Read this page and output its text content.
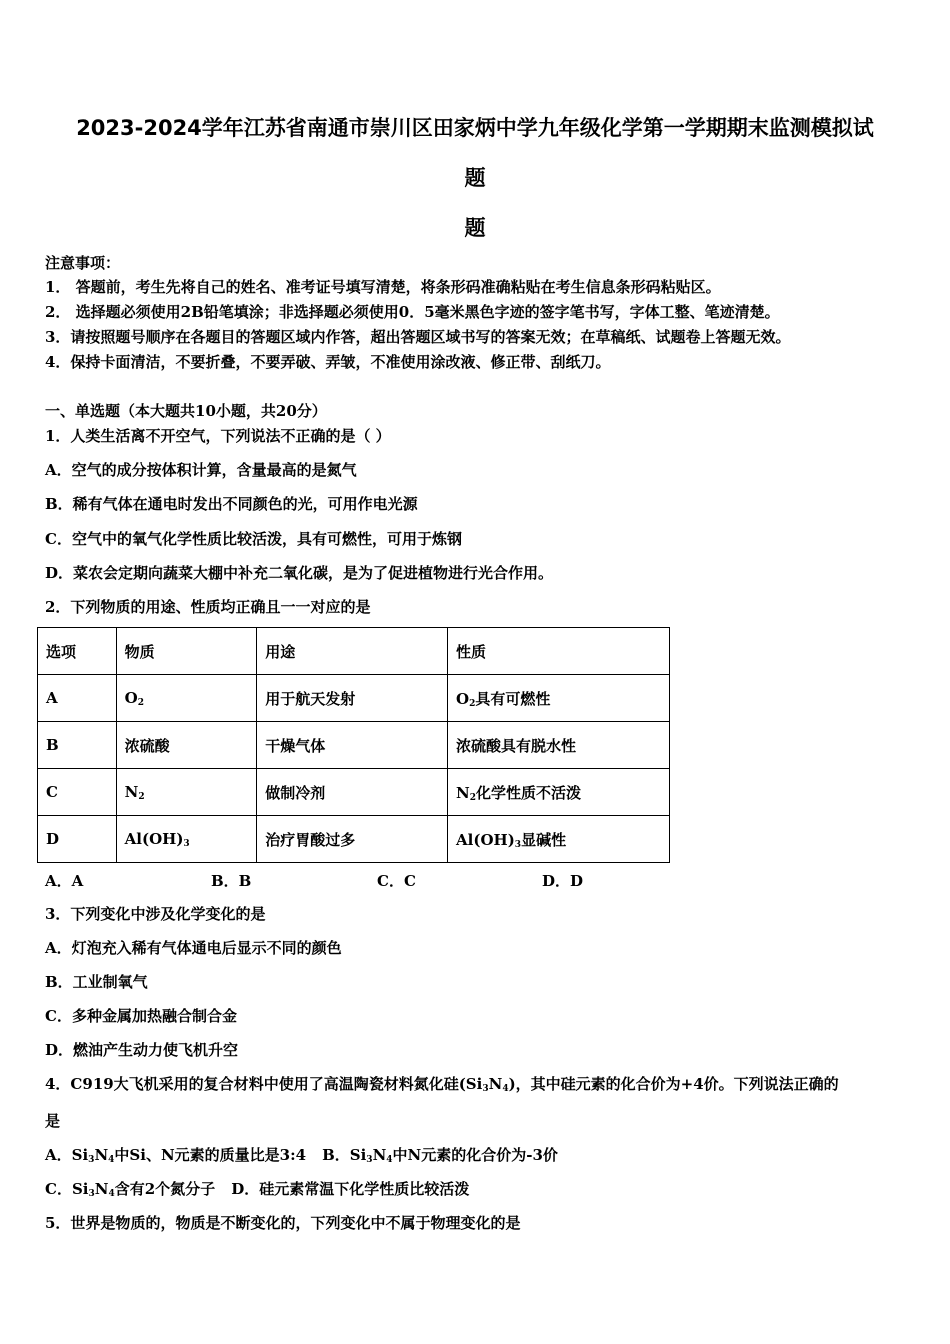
2023-2024学年江苏省南通市崇川区田家炳中学九年级化学第一学期期末监测模拟试
题
题
注意事项：
1． 答题前，考生先将自己的姓名、准考证号填写清楚，将条形码准确粘贴在考生信息条形码粘贴区。
2． 选择题必须使用2B铅笔填涂；非选择题必须使用0．5毫米黑色字迹的签字笔书写，字体工整、笔迹清楚。
3．请按照题号顺序在各题目的答题区域内作答，超出答题区域书写的答案无效；在草稿纸、试题卷上答题无效。
4．保持卡面清洁，不要折叠，不要弄破、弄皱，不准使用涂改液、修正带、刮纸刀。
一、单选题（本大题共10小题，共20分）
1．人类生活离不开空气，下列说法不正确的是（ ）
A．空气的成分按体积计算，含量最高的是氮气
B．稀有气体在通电时发出不同颜色的光，可用作电光源
C．空气中的氧气化学性质比较活泼，具有可燃性，可用于炼钢
D．菜农会定期向蔬菜大棚中补充二氧化碳，是为了促进植物进行光合作用。
2．下列物质的用途、性质均正确且一一对应的是
选项	物质	用途	性质
A	$O_2$	用于航天发射	$O_2$具有可燃性
B	浓硫酸	干燥气体	浓硫酸具有脱水性
C	$N_2$	做制冷剂	$N_2$化学性质不活泼
D	$Al(OH)_3$	治疗胃酸过多	$Al(OH)_3$显碱性
A．A	B．B	C．C	D．D
3．下列变化中涉及化学变化的是
A．灯泡充入稀有气体通电后显示不同的颜色
B．工业制氧气
C．多种金属加热融合制合金
D．燃油产生动力使飞机升空
4．C919大飞机采用的复合材料中使用了高温陶瓷材料氮化硅$(Si_3N_4)$，其中硅元素的化合价为+4价。下列说法正确的
是
A．$Si_3N_4$中Si、N元素的质量比是3:4 B．$Si_3N_4$中N元素的化合价为-3价
C．$Si_3N_4$含有2个氮分子 D．硅元素常温下化学性质比较活泼
5．世界是物质的，物质是不断变化的，下列变化中不属于物理变化的是
